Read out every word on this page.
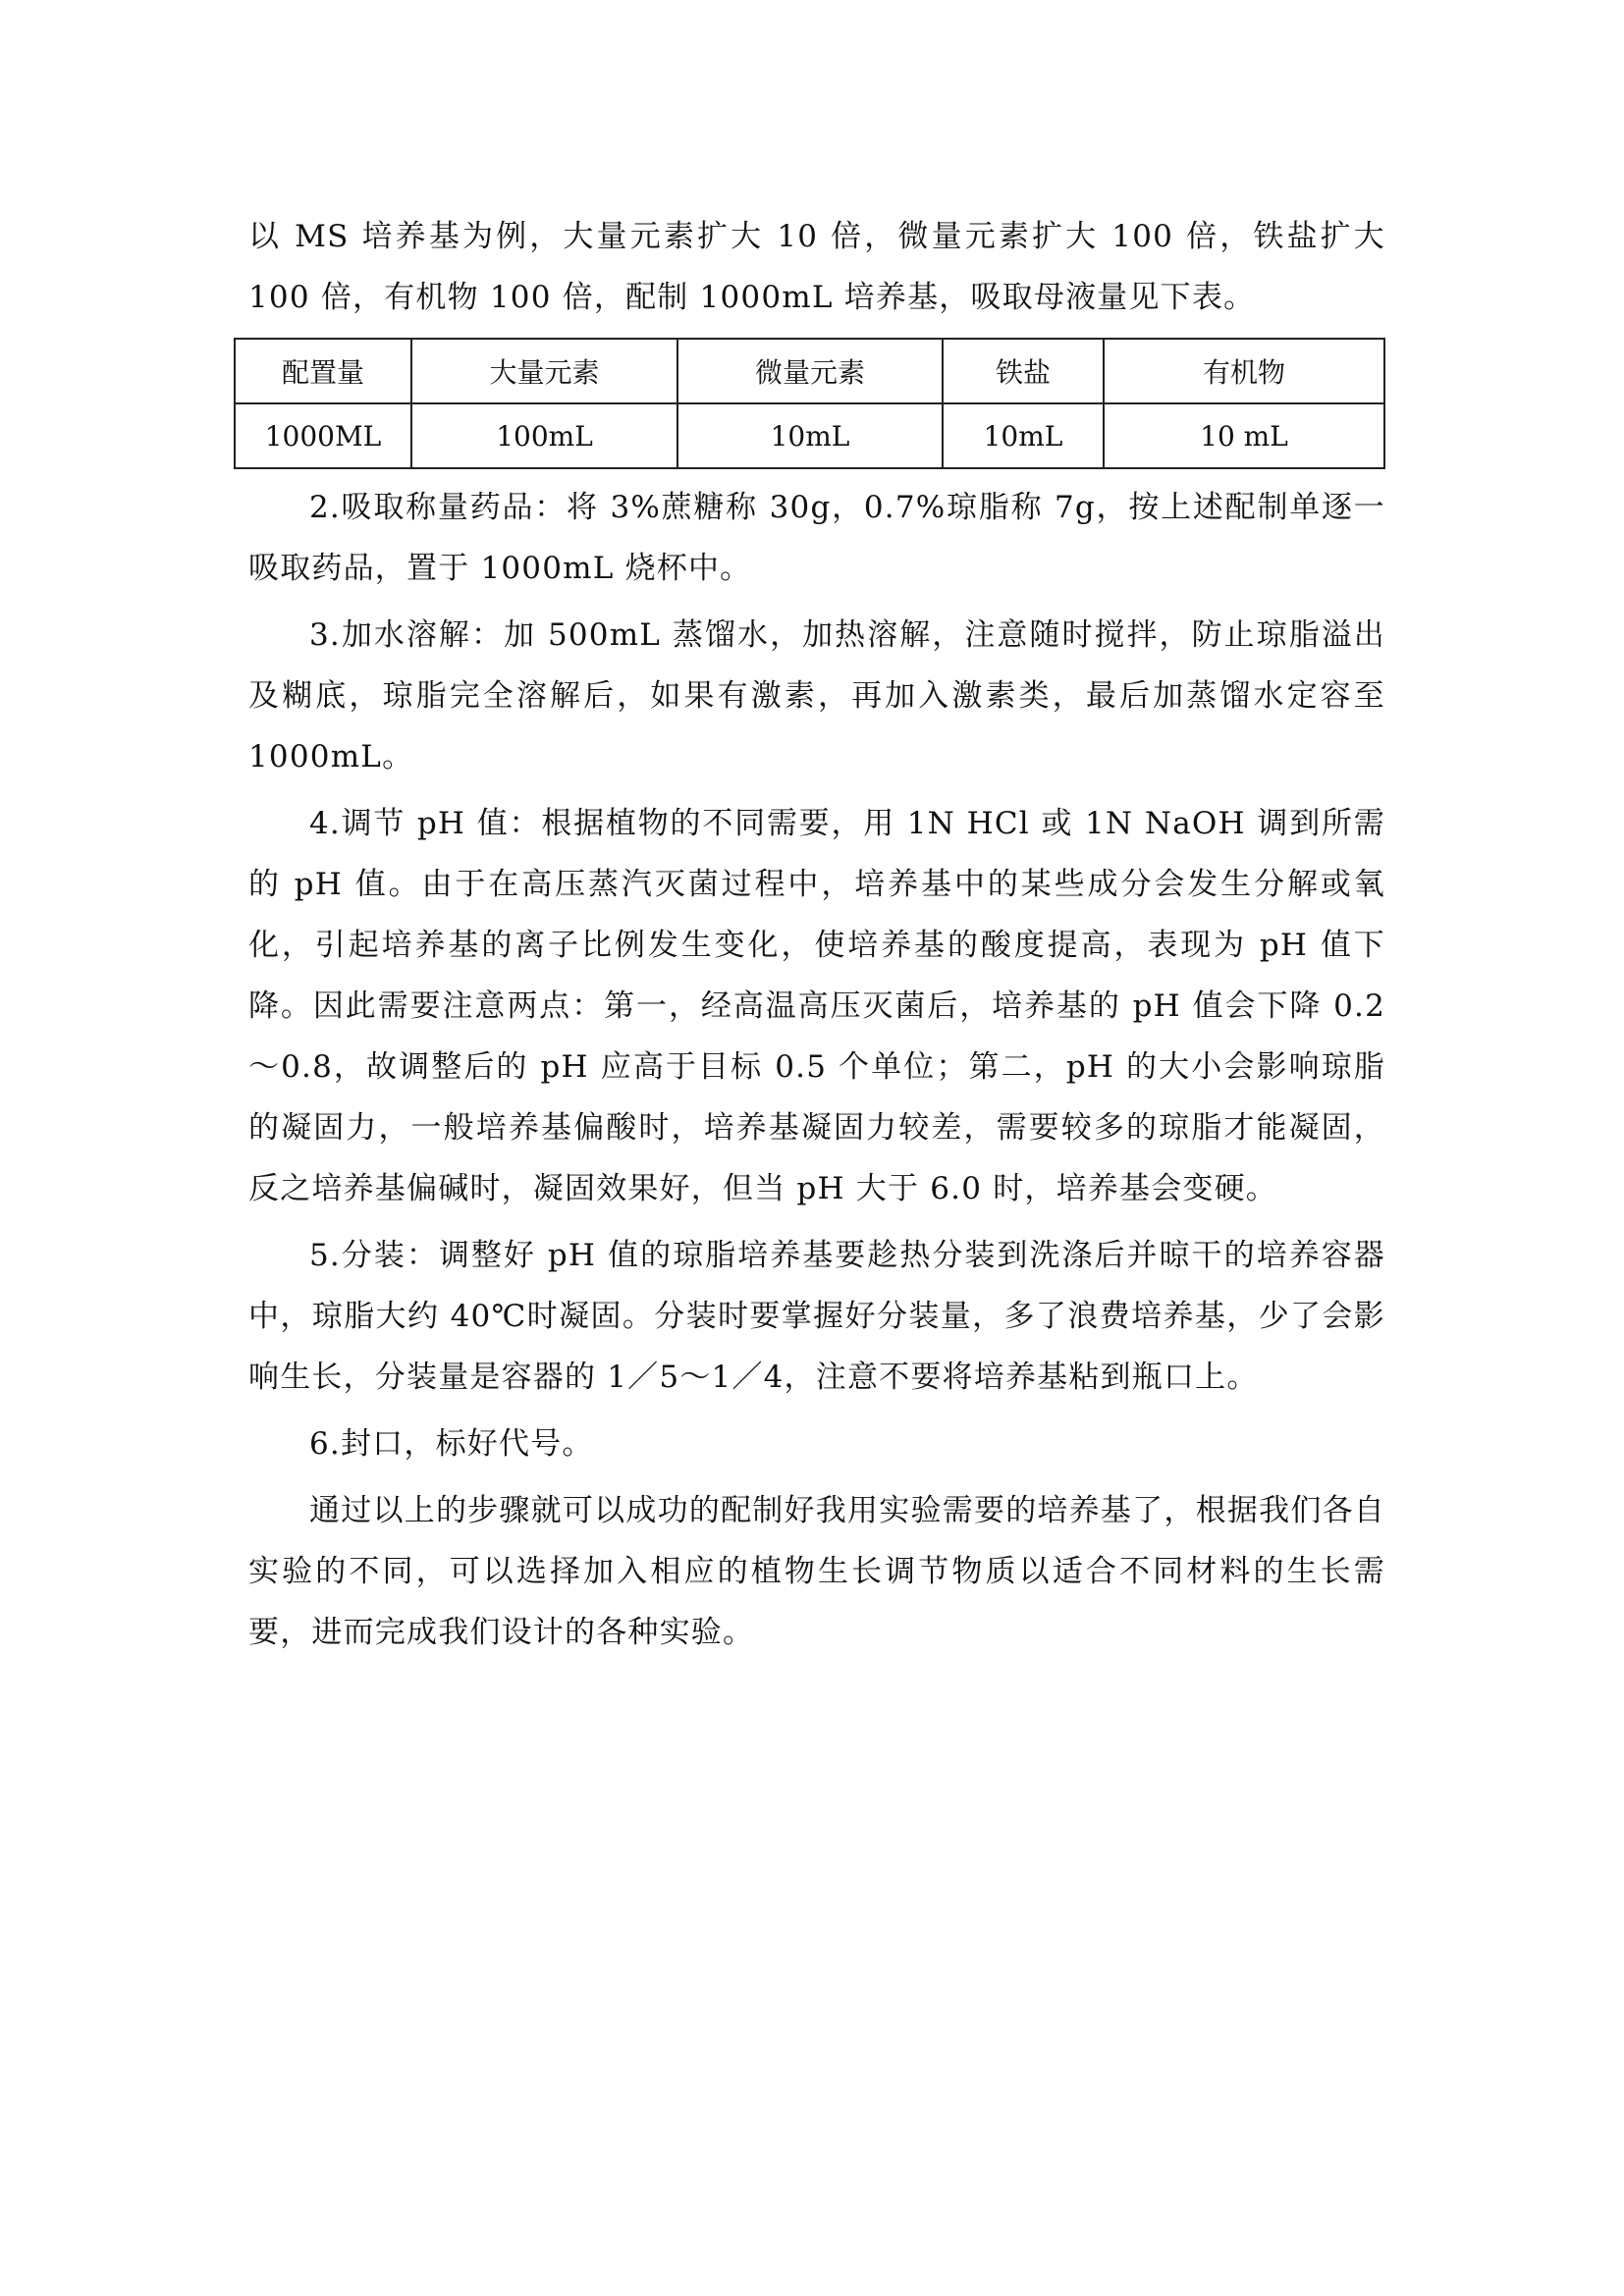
以 MS 培养基为例，大量元素扩大 10 倍，微量元素扩大 100 倍，铁盐扩大 100 倍，有机物 100 倍，配制 1000mL 培养基，吸取母液量见下表。

配置量	大量元素	微量元素	铁盐	有机物
1000ML	100mL	10mL	10mL	10 mL

2.吸取称量药品：将 3%蔗糖称 30g，0.7%琼脂称 7g，按上述配制单逐一吸取药品，置于 1000mL 烧杯中。

3.加水溶解：加 500mL 蒸馏水，加热溶解，注意随时搅拌，防止琼脂溢出及糊底，琼脂完全溶解后，如果有激素，再加入激素类，最后加蒸馏水定容至 1000mL。

4.调节 pH 值：根据植物的不同需要，用 1N HCl 或 1N NaOH 调到所需的 pH 值。由于在高压蒸汽灭菌过程中，培养基中的某些成分会发生分解或氧化，引起培养基的离子比例发生变化，使培养基的酸度提高，表现为 pH 值下降。因此需要注意两点：第一，经高温高压灭菌后，培养基的 pH 值会下降 0.2～0.8，故调整后的 pH 应高于目标 0.5 个单位；第二，pH 的大小会影响琼脂的凝固力，一般培养基偏酸时，培养基凝固力较差，需要较多的琼脂才能凝固，反之培养基偏碱时，凝固效果好，但当 pH 大于 6.0 时，培养基会变硬。

5.分装：调整好 pH 值的琼脂培养基要趁热分装到洗涤后并晾干的培养容器中，琼脂大约 40℃时凝固。分装时要掌握好分装量，多了浪费培养基，少了会影响生长，分装量是容器的 1／5～1／4，注意不要将培养基粘到瓶口上。

6.封口，标好代号。

通过以上的步骤就可以成功的配制好我用实验需要的培养基了，根据我们各自实验的不同，可以选择加入相应的植物生长调节物质以适合不同材料的生长需要，进而完成我们设计的各种实验。
